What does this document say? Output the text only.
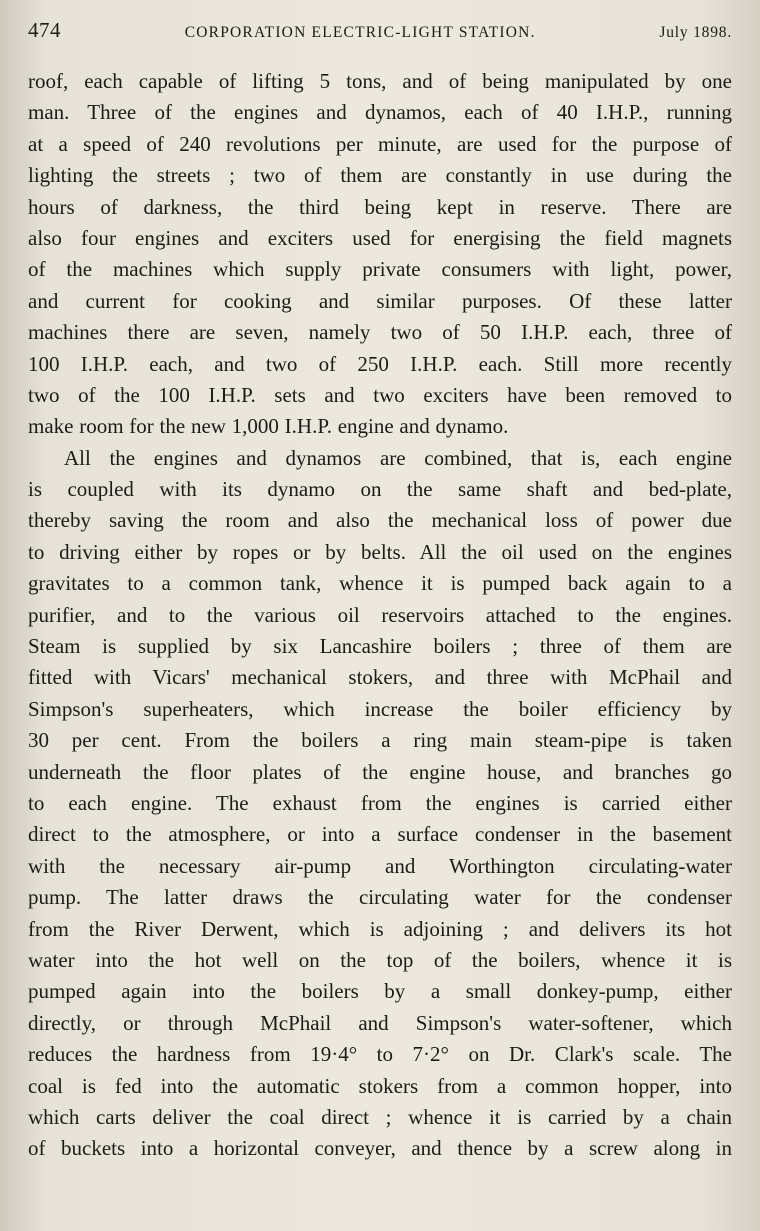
474	CORPORATION ELECTRIC-LIGHT STATION.	July 1898.

roof, each capable of lifting 5 tons, and of being manipulated by one
man. Three of the engines and dynamos, each of 40 I.H.P., running
at a speed of 240 revolutions per minute, are used for the purpose of
lighting the streets ; two of them are constantly in use during the
hours of darkness, the third being kept in reserve. There are
also four engines and exciters used for energising the field magnets
of the machines which supply private consumers with light, power,
and current for cooking and similar purposes. Of these latter
machines there are seven, namely two of 50 I.H.P. each, three of
100 I.H.P. each, and two of 250 I.H.P. each. Still more recently
two of the 100 I.H.P. sets and two exciters have been removed to
make room for the new 1,000 I.H.P. engine and dynamo.

All the engines and dynamos are combined, that is, each engine
is coupled with its dynamo on the same shaft and bed-plate,
thereby saving the room and also the mechanical loss of power due
to driving either by ropes or by belts. All the oil used on the engines
gravitates to a common tank, whence it is pumped back again to a
purifier, and to the various oil reservoirs attached to the engines.
Steam is supplied by six Lancashire boilers ; three of them are
fitted with Vicars' mechanical stokers, and three with McPhail and
Simpson's superheaters, which increase the boiler efficiency by
30 per cent. From the boilers a ring main steam-pipe is taken
underneath the floor plates of the engine house, and branches go
to each engine. The exhaust from the engines is carried either
direct to the atmosphere, or into a surface condenser in the basement
with the necessary air-pump and Worthington circulating-water
pump. The latter draws the circulating water for the condenser
from the River Derwent, which is adjoining ; and delivers its hot
water into the hot well on the top of the boilers, whence it is
pumped again into the boilers by a small donkey-pump, either
directly, or through McPhail and Simpson's water-softener, which
reduces the hardness from 19·4° to 7·2° on Dr. Clark's scale. The
coal is fed into the automatic stokers from a common hopper, into
which carts deliver the coal direct ; whence it is carried by a chain
of buckets into a horizontal conveyer, and thence by a screw along in
